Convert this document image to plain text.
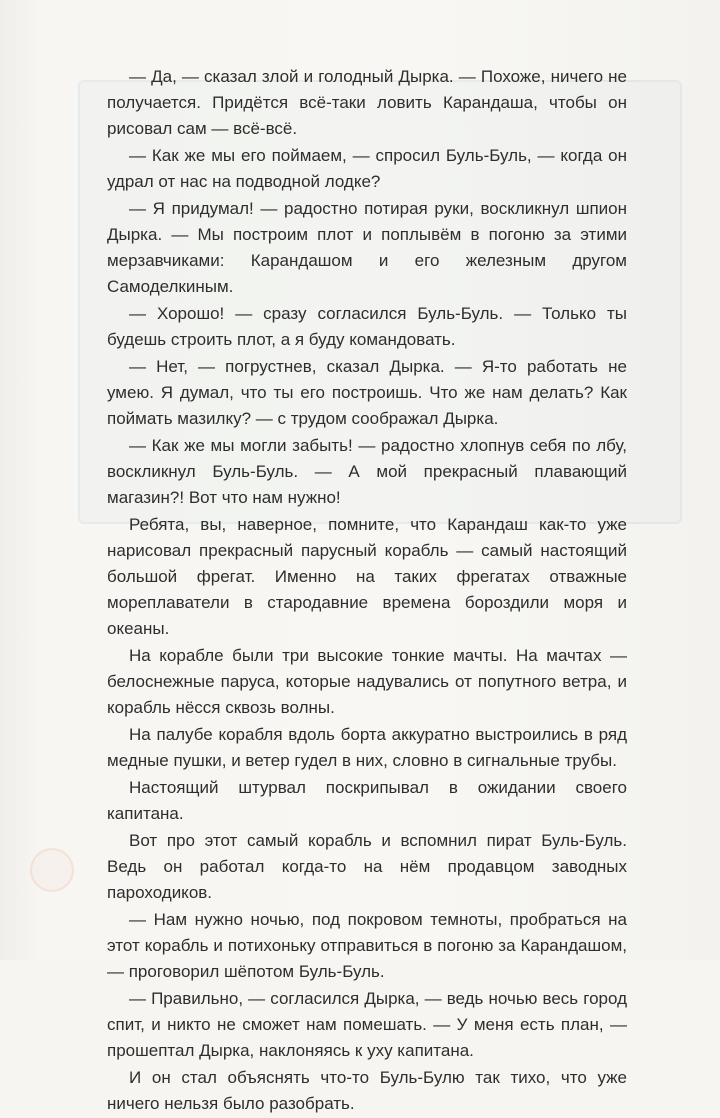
— Да, — сказал злой и голодный Дырка. — Похоже, ничего не получается. Придётся всё-таки ловить Карандаша, чтобы он рисовал сам — всё-всё.

— Как же мы его поймаем, — спросил Буль-Буль, — когда он удрал от нас на подводной лодке?

— Я придумал! — радостно потирая руки, воскликнул шпион Дырка. — Мы построим плот и поплывём в погоню за этими мерзавчиками: Карандашом и его железным другом Самоделкиным.

— Хорошо! — сразу согласился Буль-Буль. — Только ты будешь строить плот, а я буду командовать.

— Нет, — погрустнев, сказал Дырка. — Я-то работать не умею. Я думал, что ты его построишь. Что же нам делать? Как поймать мазилку? — с трудом соображал Дырка.

— Как же мы могли забыть! — радостно хлопнув себя по лбу, воскликнул Буль-Буль. — А мой прекрасный плавающий магазин?! Вот что нам нужно!

Ребята, вы, наверное, помните, что Карандаш как-то уже нарисовал прекрасный парусный корабль — самый настоящий большой фрегат. Именно на таких фрегатах отважные мореплаватели в стародавние времена бороздили моря и океаны.

На корабле были три высокие тонкие мачты. На мачтах — белоснежные паруса, которые надувались от попутного ветра, и корабль нёсся сквозь волны.

На палубе корабля вдоль борта аккуратно выстроились в ряд медные пушки, и ветер гудел в них, словно в сигнальные трубы.

Настоящий штурвал поскрипывал в ожидании своего капитана.

Вот про этот самый корабль и вспомнил пират Буль-Буль. Ведь он работал когда-то на нём продавцом заводных пароходиков.

— Нам нужно ночью, под покровом темноты, пробраться на этот корабль и потихоньку отправиться в погоню за Карандашом, — проговорил шёпотом Буль-Буль.

— Правильно, — согласился Дырка, — ведь ночью весь город спит, и никто не сможет нам помешать. — У меня есть план, — прошептал Дырка, наклоняясь к уху капитана.

И он стал объяснять что-то Буль-Булю так тихо, что уже ничего нельзя было разобрать.
